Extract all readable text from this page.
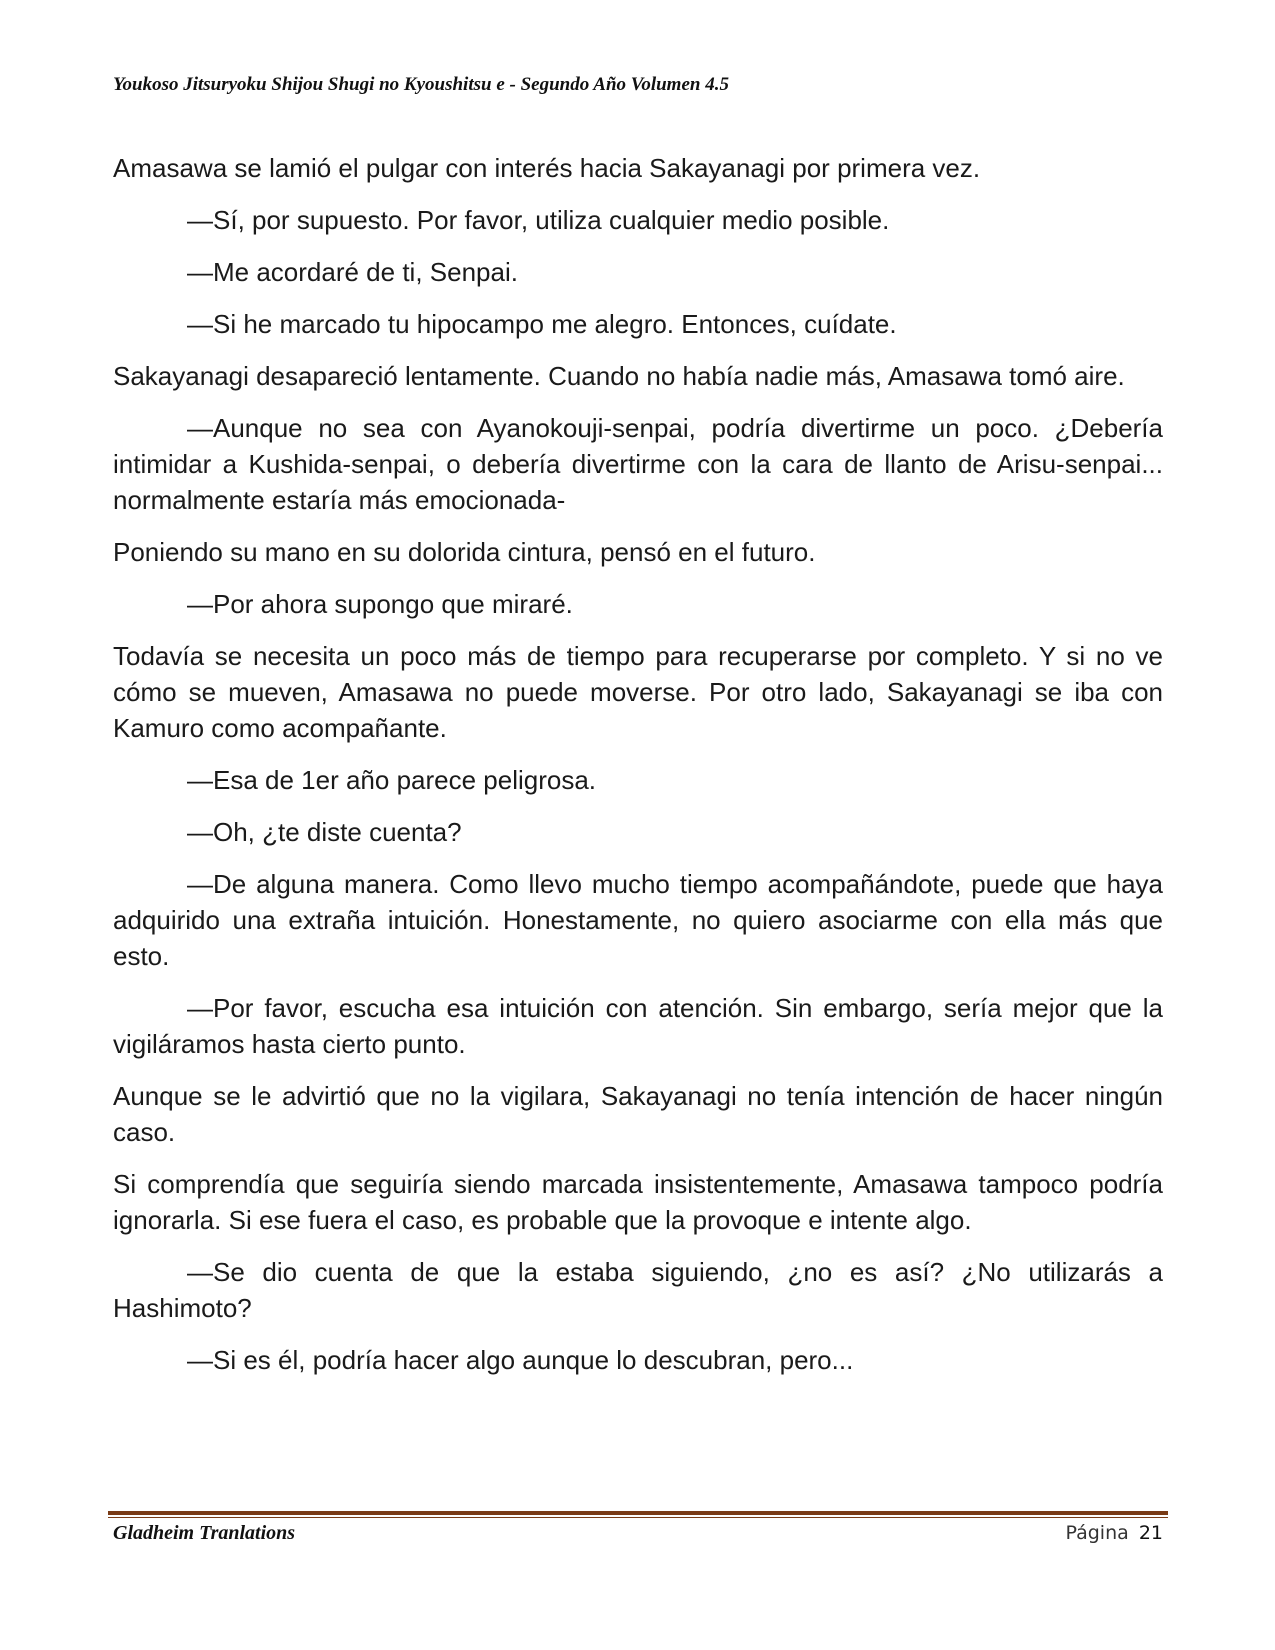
Youkoso Jitsuryoku Shijou Shugi no Kyoushitsu e - Segundo Año Volumen 4.5

Amasawa se lamió el pulgar con interés hacia Sakayanagi por primera vez.

—Sí, por supuesto. Por favor, utiliza cualquier medio posible.

—Me acordaré de ti, Senpai.

—Si he marcado tu hipocampo me alegro. Entonces, cuídate.

Sakayanagi desapareció lentamente. Cuando no había nadie más, Amasawa tomó aire.

—Aunque no sea con Ayanokouji-senpai, podría divertirme un poco. ¿Debería intimidar a Kushida-senpai, o debería divertirme con la cara de llanto de Arisu-senpai... normalmente estaría más emocionada-

Poniendo su mano en su dolorida cintura, pensó en el futuro.

—Por ahora supongo que miraré.

Todavía se necesita un poco más de tiempo para recuperarse por completo. Y si no ve cómo se mueven, Amasawa no puede moverse. Por otro lado, Sakayanagi se iba con Kamuro como acompañante.

—Esa de 1er año parece peligrosa.

—Oh, ¿te diste cuenta?

—De alguna manera. Como llevo mucho tiempo acompañándote, puede que haya adquirido una extraña intuición. Honestamente, no quiero asociarme con ella más que esto.

—Por favor, escucha esa intuición con atención. Sin embargo, sería mejor que la vigiláramos hasta cierto punto.

Aunque se le advirtió que no la vigilara, Sakayanagi no tenía intención de hacer ningún caso.

Si comprendía que seguiría siendo marcada insistentemente, Amasawa tampoco podría ignorarla. Si ese fuera el caso, es probable que la provoque e intente algo.

—Se dio cuenta de que la estaba siguiendo, ¿no es así? ¿No utilizarás a Hashimoto?

—Si es él, podría hacer algo aunque lo descubran, pero...

Gladheim Tranlations	Página 21
